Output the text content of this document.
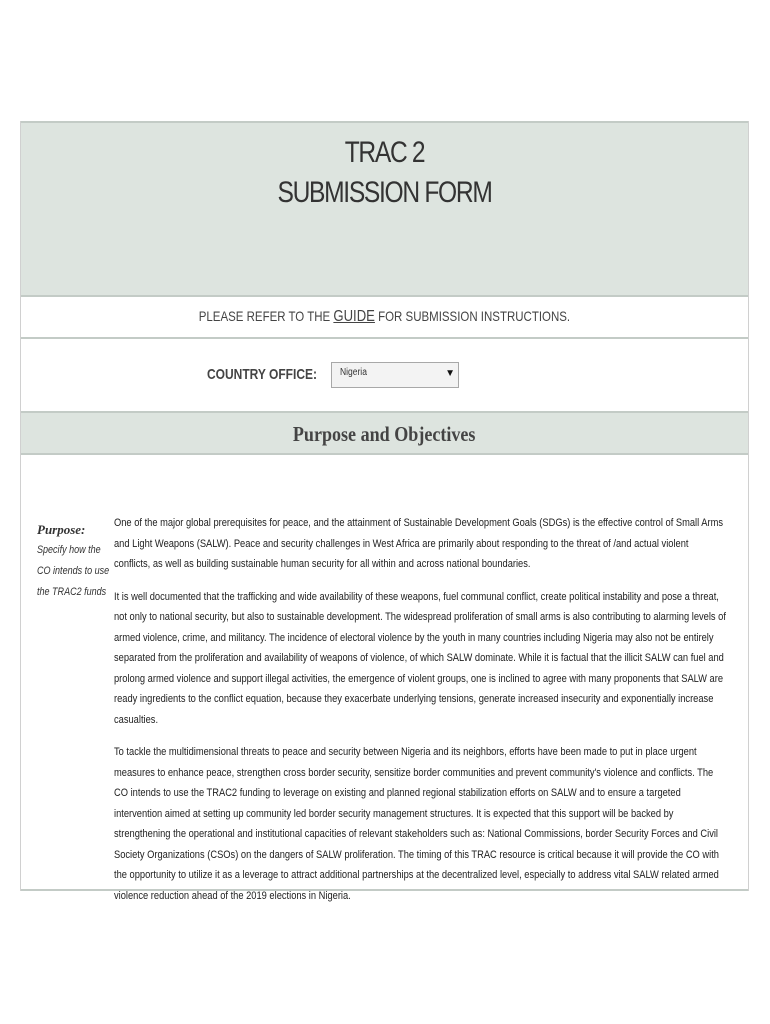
TRAC 2
SUBMISSION FORM
PLEASE REFER TO THE GUIDE FOR SUBMISSION INSTRUCTIONS.
COUNTRY OFFICE: Nigeria	▼
Purpose and Objectives
Purpose:
Specify how the
CO intends to use
the TRAC2 funds

One of the major global prerequisites for peace, and the attainment of Sustainable Development Goals (SDGs) is the effective control of Small Arms and Light Weapons (SALW). Peace and security challenges in West Africa are primarily about responding to the threat of /and actual violent conflicts, as well as building sustainable human security for all within and across national boundaries.

It is well documented that the trafficking and wide availability of these weapons, fuel communal conflict, create political instability and pose a threat, not only to national security, but also to sustainable development. The widespread proliferation of small arms is also contributing to alarming levels of armed violence, crime, and militancy. The incidence of electoral violence by the youth in many countries including Nigeria may also not be entirely separated from the proliferation and availability of weapons of violence, of which SALW dominate. While it is factual that the illicit SALW can fuel and prolong armed violence and support illegal activities, the emergence of violent groups, one is inclined to agree with many proponents that SALW are ready ingredients to the conflict equation, because they exacerbate underlying tensions, generate increased insecurity and exponentially increase casualties.

To tackle the multidimensional threats to peace and security between Nigeria and its neighbors, efforts have been made to put in place urgent measures to enhance peace, strengthen cross border security, sensitize border communities and prevent community's violence and conflicts. The CO intends to use the TRAC2 funding to leverage on existing and planned regional stabilization efforts on SALW and to ensure a targeted intervention aimed at setting up community led border security management structures. It is expected that this support will be backed by strengthening the operational and institutional capacities of relevant stakeholders such as: National Commissions, border Security Forces and Civil Society Organizations (CSOs) on the dangers of SALW proliferation. The timing of this TRAC resource is critical because it will provide the CO with the opportunity to utilize it as a leverage to attract additional partnerships at the decentralized level, especially to address vital SALW related armed violence reduction ahead of the 2019 elections in Nigeria.
